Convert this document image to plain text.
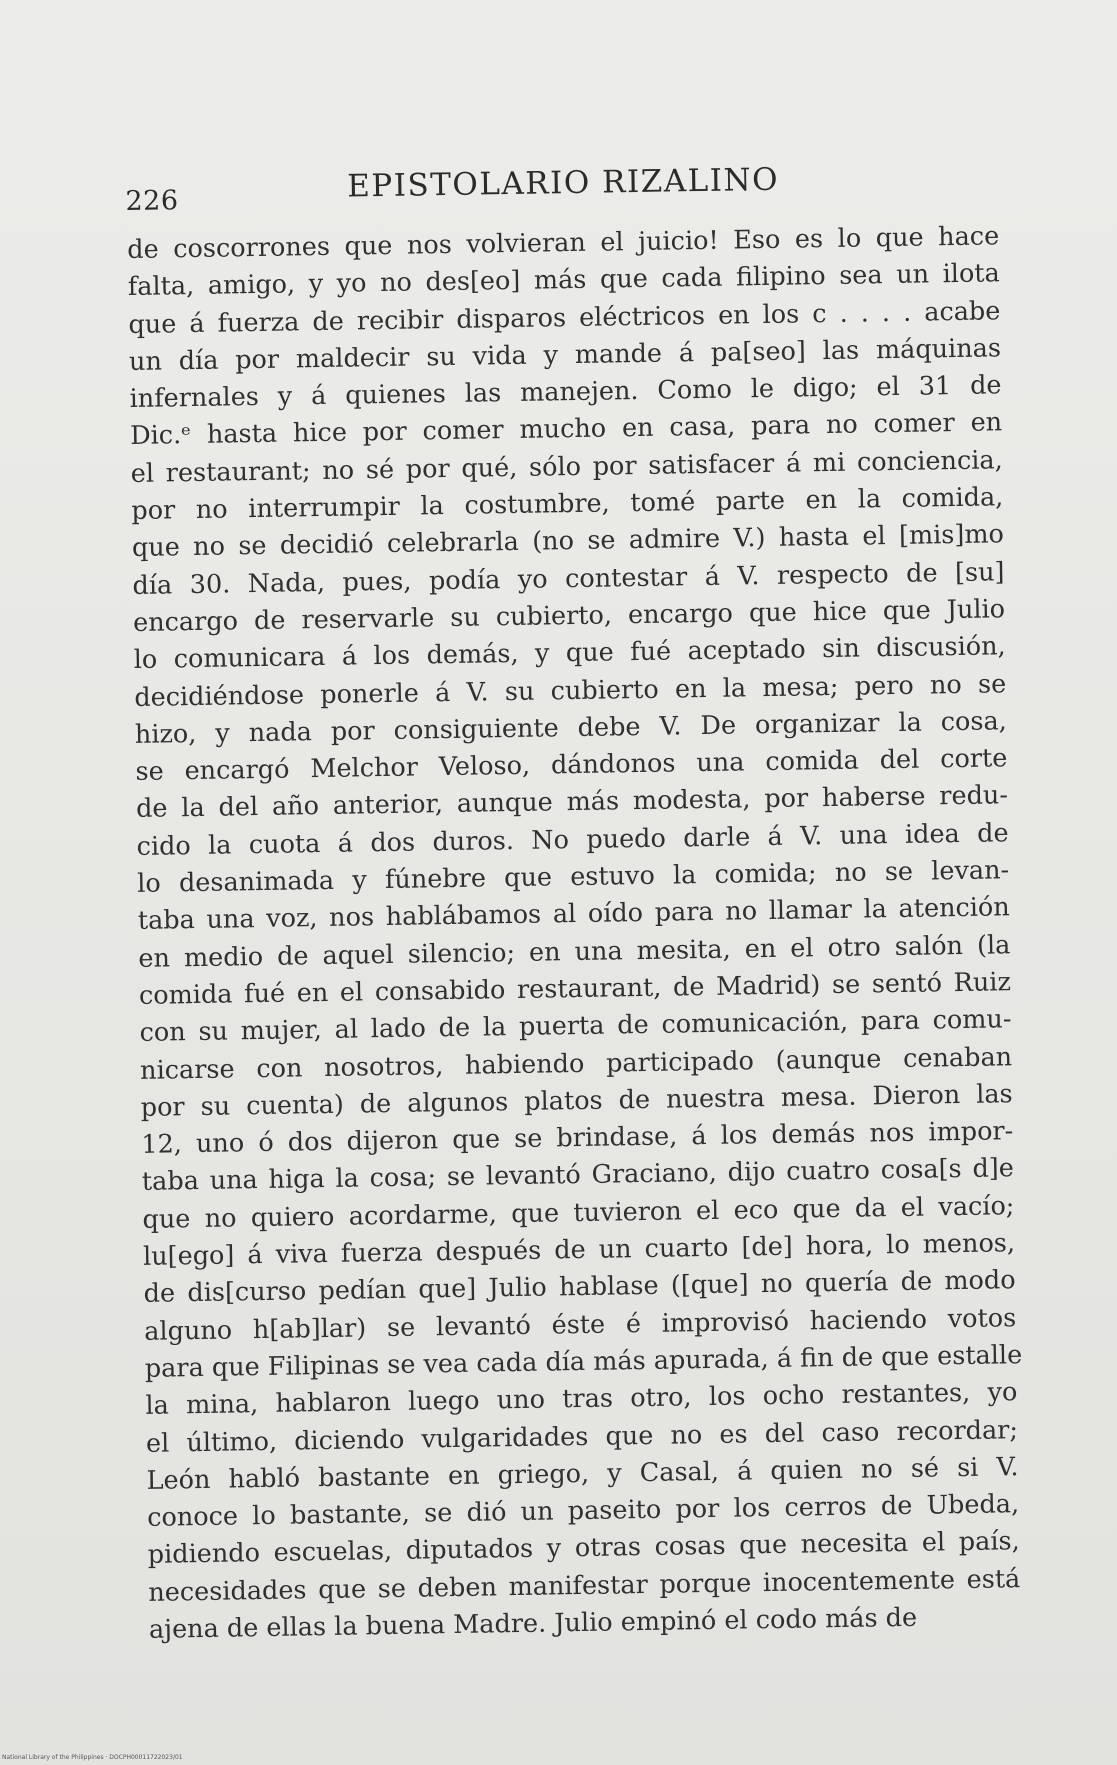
226	EPISTOLARIO RIZALINO
de coscorrones que nos volvieran el juicio! Eso es lo que hace
falta, amigo, y yo no des[eo] más que cada filipino sea un ilota
que á fuerza de recibir disparos eléctricos en los c . . . . acabe
un día por maldecir su vida y mande á pa[seo] las máquinas
infernales y á quienes las manejen. Como le digo; el 31 de
Dic.ᵉ hasta hice por comer mucho en casa, para no comer en
el restaurant; no sé por qué, sólo por satisfacer á mi conciencia,
por no interrumpir la costumbre, tomé parte en la comida,
que no se decidió celebrarla (no se admire V.) hasta el [mis]mo
día 30. Nada, pues, podía yo contestar á V. respecto de [su]
encargo de reservarle su cubierto, encargo que hice que Julio
lo comunicara á los demás, y que fué aceptado sin discusión,
decidiéndose ponerle á V. su cubierto en la mesa; pero no se
hizo, y nada por consiguiente debe V. De organizar la cosa,
se encargó Melchor Veloso, dándonos una comida del corte
de la del año anterior, aunque más modesta, por haberse redu-
cido la cuota á dos duros. No puedo darle á V. una idea de
lo desanimada y fúnebre que estuvo la comida; no se levan-
taba una voz, nos hablábamos al oído para no llamar la atención
en medio de aquel silencio; en una mesita, en el otro salón (la
comida fué en el consabido restaurant, de Madrid) se sentó Ruiz
con su mujer, al lado de la puerta de comunicación, para comu-
nicarse con nosotros, habiendo participado (aunque cenaban
por su cuenta) de algunos platos de nuestra mesa. Dieron las
12, uno ó dos dijeron que se brindase, á los demás nos impor-
taba una higa la cosa; se levantó Graciano, dijo cuatro cosa[s d]e
que no quiero acordarme, que tuvieron el eco que da el vacío;
lu[ego] á viva fuerza después de un cuarto [de] hora, lo menos,
de dis[curso pedían que] Julio hablase ([que] no quería de modo
alguno h[ab]lar) se levantó éste é improvisó haciendo votos
para que Filipinas se vea cada día más apurada, á fin de que estalle
la mina, hablaron luego uno tras otro, los ocho restantes, yo
el último, diciendo vulgaridades que no es del caso recordar;
León habló bastante en griego, y Casal, á quien no sé si V.
conoce lo bastante, se dió un paseito por los cerros de Ubeda,
pidiendo escuelas, diputados y otras cosas que necesita el país,
necesidades que se deben manifestar porque inocentemente está
ajena de ellas la buena Madre. Julio empinó el codo más de
National Library of the Philippines · DOCPH00011722023/01
